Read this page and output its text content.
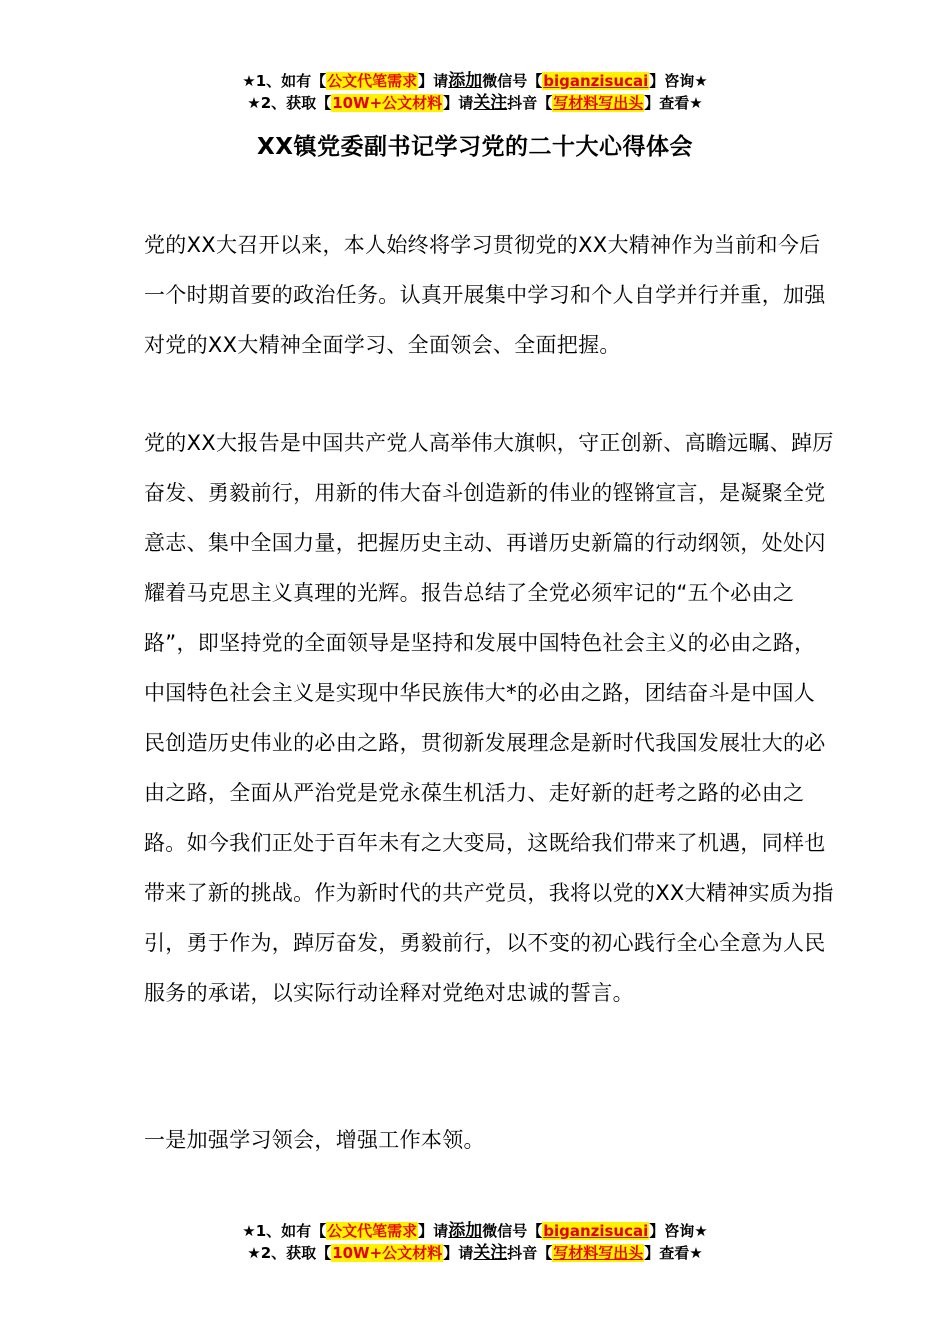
★1、如有【公文代笔需求】请添加微信号【biganzisucai】咨询★
★2、获取【10W+公文材料】请关注抖音【写材料写出头】查看★
XX镇党委副书记学习党的二十大心得体会

党的XX大召开以来，本人始终将学习贯彻党的XX大精神作为当前和今后一个时期首要的政治任务。认真开展集中学习和个人自学并行并重，加强对党的XX大精神全面学习、全面领会、全面把握。

党的XX大报告是中国共产党人高举伟大旗帜，守正创新、高瞻远瞩、踔厉奋发、勇毅前行，用新的伟大奋斗创造新的伟业的铿锵宣言，是凝聚全党意志、集中全国力量，把握历史主动、再谱历史新篇的行动纲领，处处闪耀着马克思主义真理的光辉。报告总结了全党必须牢记的“五个必由之路”，即坚持党的全面领导是坚持和发展中国特色社会主义的必由之路，中国特色社会主义是实现中华民族伟大*的必由之路，团结奋斗是中国人民创造历史伟业的必由之路，贯彻新发展理念是新时代我国发展壮大的必由之路，全面从严治党是党永葆生机活力、走好新的赶考之路的必由之路。如今我们正处于百年未有之大变局，这既给我们带来了机遇，同样也带来了新的挑战。作为新时代的共产党员，我将以党的XX大精神实质为指引，勇于作为，踔厉奋发，勇毅前行，以不变的初心践行全心全意为人民服务的承诺，以实际行动诠释对党绝对忠诚的誓言。

一是加强学习领会，增强工作本领。

★1、如有【公文代笔需求】请添加微信号【biganzisucai】咨询★
★2、获取【10W+公文材料】请关注抖音【写材料写出头】查看★
